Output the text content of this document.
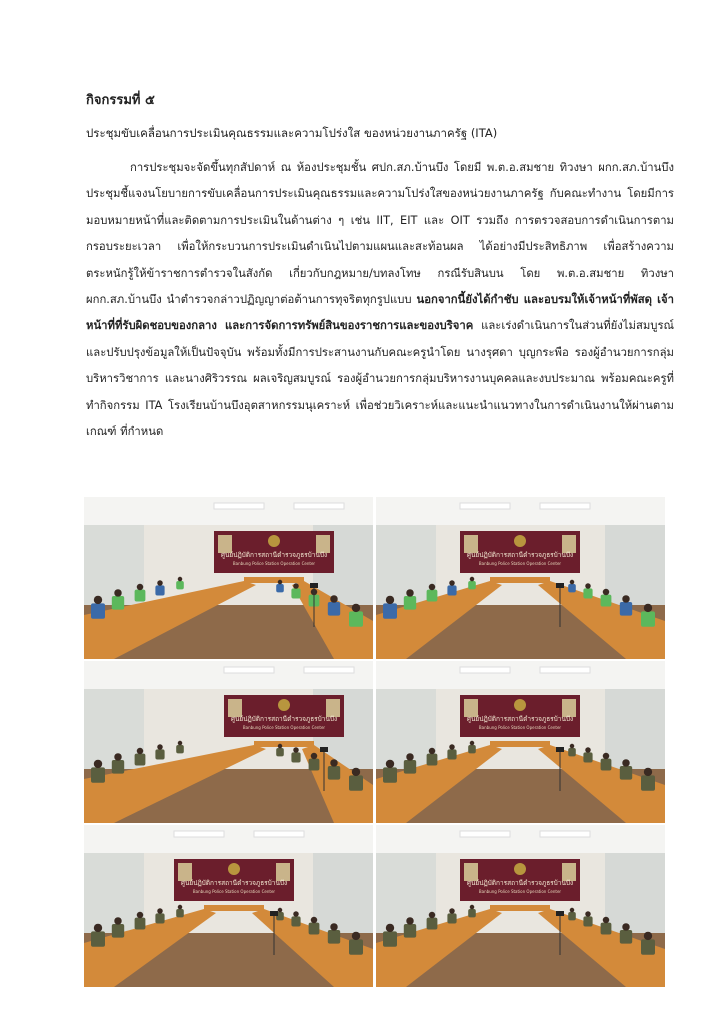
กิจกรรมที่ ๕
ประชุมขับเคลื่อนการประเมินคุณธรรมและความโปร่งใส ของหน่วยงานภาครัฐ (ITA)
การประชุมจะจัดขึ้นทุกสัปดาห์ ณ ห้องประชุมชั้น ศปก.สภ.บ้านบึง โดยมี พ.ต.อ.สมชาย ทิวงษา ผกก.สภ.บ้านบึง ประชุมชี้แจงนโยบายการขับเคลื่อนการประเมินคุณธรรมและความโปร่งใสของหน่วยงานภาครัฐ กับคณะทำงาน โดยมีการมอบหมายหน้าที่และติดตามการประเมินในด้านต่าง ๆ เช่น IIT, EIT และ OIT รวมถึง การตรวจสอบการดำเนินการตามกรอบระยะเวลา เพื่อให้กระบวนการประเมินดำเนินไปตามแผนและสะท้อนผล ได้อย่างมีประสิทธิภาพ เพื่อสร้างความตระหนักรู้ให้ข้าราชการตำรวจในสังกัด เกี่ยวกับกฎหมาย/บทลงโทษ กรณีรับสินบน โดย พ.ต.อ.สมชาย ทิวงษา ผกก.สภ.บ้านบึง นำตำรวจกล่าวปฏิญญาต่อต้านการทุจริตทุกรูปแบบ นอกจากนี้ยังได้กำชับ และอบรมให้เจ้าหน้าที่พัสดุ เจ้าหน้าที่ที่รับผิดชอบของกลาง และการจัดการทรัพย์สินของราชการและของบริจาค และเร่งดำเนินการในส่วนที่ยังไม่สมบูรณ์และปรับปรุงข้อมูลให้เป็นปัจจุบัน พร้อมทั้งมีการประสานงานกับคณะครูนำโดย นางรุศดา บุญกระพือ รองผู้อำนวยการกลุ่มบริหารวิชาการ และนางศิริวรรณ ผลเจริญสมบูรณ์ รองผู้อำนวยการกลุ่มบริหารงานบุคคลและงบประมาณ พร้อมคณะครูที่ทำกิจกรรม ITA โรงเรียนบ้านบึงอุตสาหกรรมนุเคราะห์ เพื่อช่วยวิเคราะห์และแนะนำแนวทางในการดำเนินงานให้ผ่านตามเกณฑ์ ที่กำหนด
ศูนย์ปฏิบัติการสถานีตำรวจภูธรบ้านบึง
Banbung Police Station Operation Center
ศูนย์ปฏิบัติการสถานีตำรวจภูธรบ้านบึง
Banbung Police Station Operation Center
ศูนย์ปฏิบัติการสถานีตำรวจภูธรบ้านบึง
Banbung Police Station Operation Center
ศูนย์ปฏิบัติการสถานีตำรวจภูธรบ้านบึง
Banbung Police Station Operation Center
ศูนย์ปฏิบัติการสถานีตำรวจภูธรบ้านบึง
Banbung Police Station Operation Center
ศูนย์ปฏิบัติการสถานีตำรวจภูธรบ้านบึง
Banbung Police Station Operation Center
